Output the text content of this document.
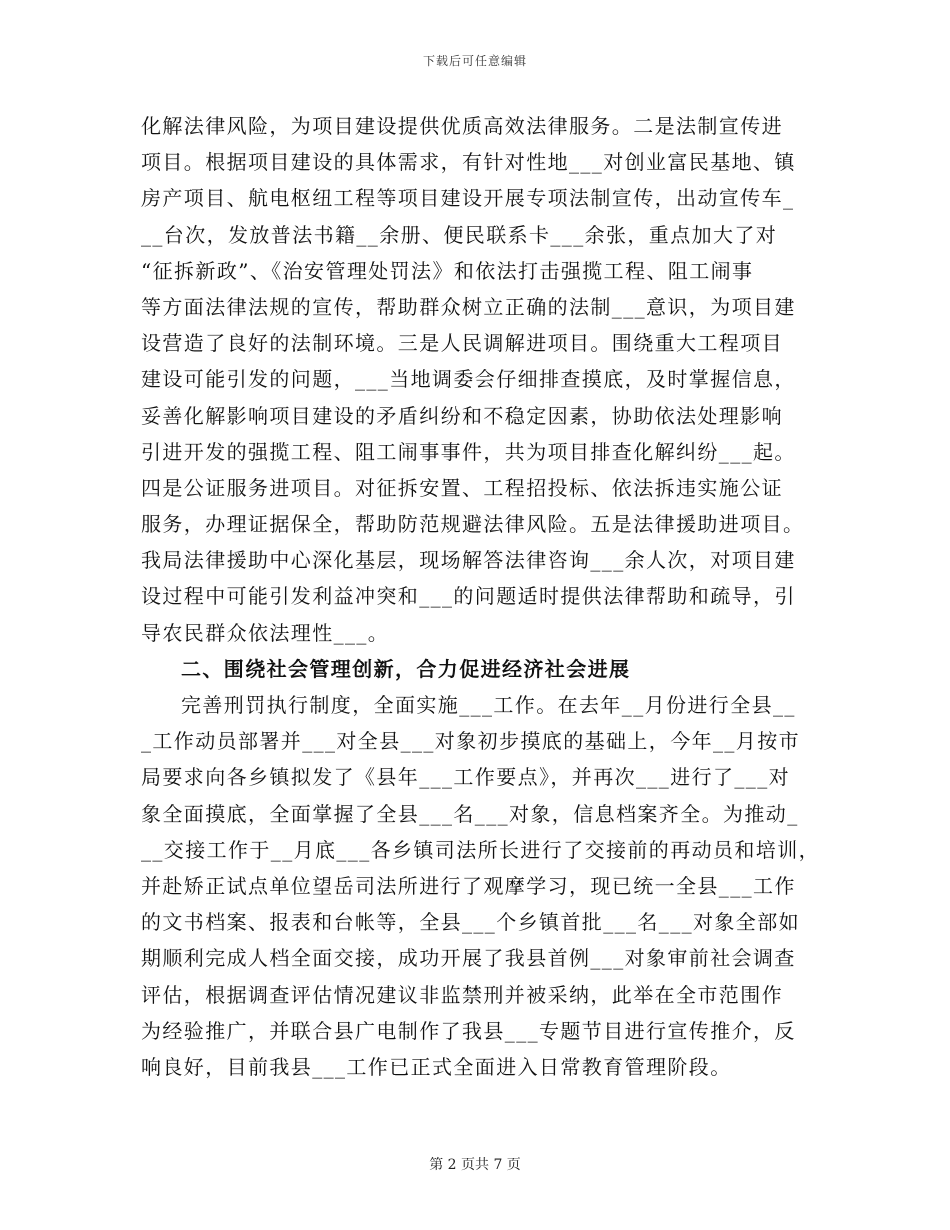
下载后可任意编辑
化解法律风险，为项目建设提供优质高效法律服务。二是法制宣传进
项目。根据项目建设的具体需求，有针对性地___对创业富民基地、镇
房产项目、航电枢纽工程等项目建设开展专项法制宣传，出动宣传车_
__台次，发放普法书籍__余册、便民联系卡___余张，重点加大了对
“征拆新政”、《治安管理处罚法》和依法打击强揽工程、阻工闹事
等方面法律法规的宣传，帮助群众树立正确的法制___意识，为项目建
设营造了良好的法制环境。三是人民调解进项目。围绕重大工程项目
建设可能引发的问题，___当地调委会仔细排查摸底，及时掌握信息，
妥善化解影响项目建设的矛盾纠纷和不稳定因素，协助依法处理影响
引进开发的强揽工程、阻工闹事事件，共为项目排查化解纠纷___起。
四是公证服务进项目。对征拆安置、工程招投标、依法拆违实施公证
服务，办理证据保全，帮助防范规避法律风险。五是法律援助进项目。
我局法律援助中心深化基层，现场解答法律咨询___余人次，对项目建
设过程中可能引发利益冲突和___的问题适时提供法律帮助和疏导，引
导农民群众依法理性___。
二、围绕社会管理创新，合力促进经济社会进展
完善刑罚执行制度，全面实施___工作。在去年__月份进行全县__
_工作动员部署并___对全县___对象初步摸底的基础上，今年__月按市
局要求向各乡镇拟发了《县年___工作要点》，并再次___进行了___对
象全面摸底，全面掌握了全县___名___对象，信息档案齐全。为推动_
__交接工作于__月底___各乡镇司法所长进行了交接前的再动员和培训，
并赴矫正试点单位望岳司法所进行了观摩学习，现已统一全县___工作
的文书档案、报表和台帐等，全县___个乡镇首批___名___对象全部如
期顺利完成人档全面交接，成功开展了我县首例___对象审前社会调查
评估，根据调查评估情况建议非监禁刑并被采纳，此举在全市范围作
为经验推广，并联合县广电制作了我县___专题节目进行宣传推介，反
响良好，目前我县___工作已正式全面进入日常教育管理阶段。
第 2 页共 7 页
